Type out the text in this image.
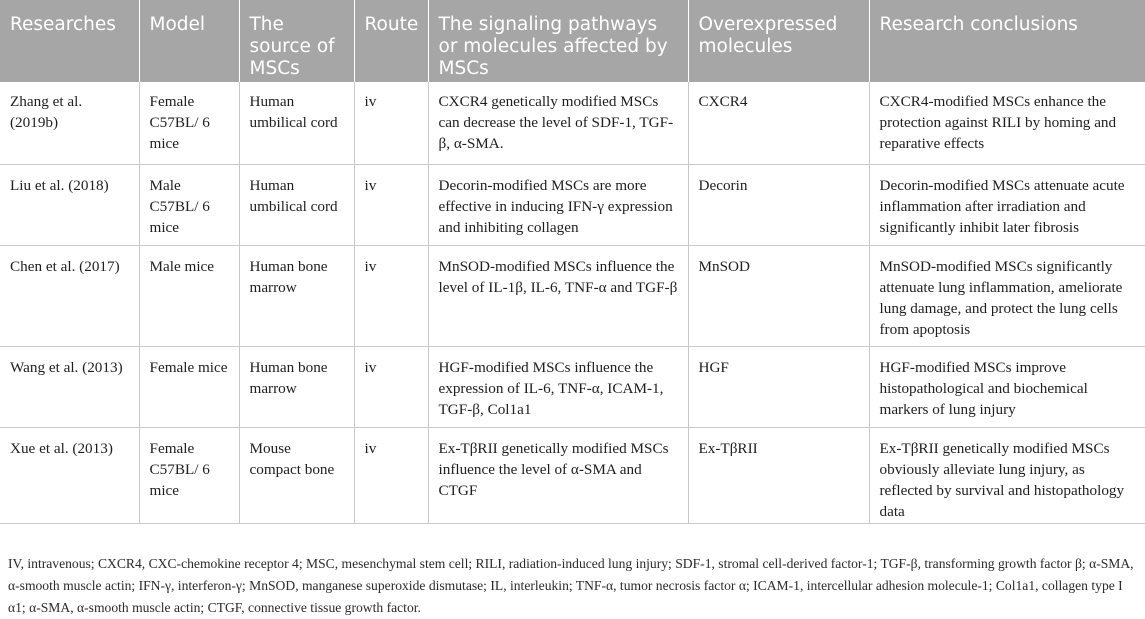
Researches	Model	The source of MSCs	Route	The signaling pathways or molecules affected by MSCs	Overexpressed molecules	Research conclusions
Zhang et al. (2019b)	Female C57BL/ 6 mice	Human umbilical cord	iv	CXCR4 genetically modified MSCs can decrease the level of SDF-1, TGF-β, α-SMA.	CXCR4	CXCR4-modified MSCs enhance the protection against RILI by homing and reparative effects
Liu et al. (2018)	Male C57BL/ 6 mice	Human umbilical cord	iv	Decorin-modified MSCs are more effective in inducing IFN-γ expression and inhibiting collagen	Decorin	Decorin-modified MSCs attenuate acute inflammation after irradiation and significantly inhibit later fibrosis
Chen et al. (2017)	Male mice	Human bone marrow	iv	MnSOD-modified MSCs influence the level of IL-1β, IL-6, TNF-α and TGF-β	MnSOD	MnSOD-modified MSCs significantly attenuate lung inflammation, ameliorate lung damage, and protect the lung cells from apoptosis
Wang et al. (2013)	Female mice	Human bone marrow	iv	HGF-modified MSCs influence the expression of IL-6, TNF-α, ICAM-1, TGF-β, Col1a1	HGF	HGF-modified MSCs improve histopathological and biochemical markers of lung injury
Xue et al. (2013)	Female C57BL/ 6 mice	Mouse compact bone	iv	Ex-TβRII genetically modified MSCs influence the level of α-SMA and CTGF	Ex-TβRII	Ex-TβRII genetically modified MSCs obviously alleviate lung injury, as reflected by survival and histopathology data
IV, intravenous; CXCR4, CXC-chemokine receptor 4; MSC, mesenchymal stem cell; RILI, radiation-induced lung injury; SDF-1, stromal cell-derived factor-1; TGF-β, transforming growth factor β; α-SMA, α-smooth muscle actin; IFN-γ, interferon-γ; MnSOD, manganese superoxide dismutase; IL, interleukin; TNF-α, tumor necrosis factor α; ICAM-1, intercellular adhesion molecule-1; Col1a1, collagen type I α1; α-SMA, α-smooth muscle actin; CTGF, connective tissue growth factor.
